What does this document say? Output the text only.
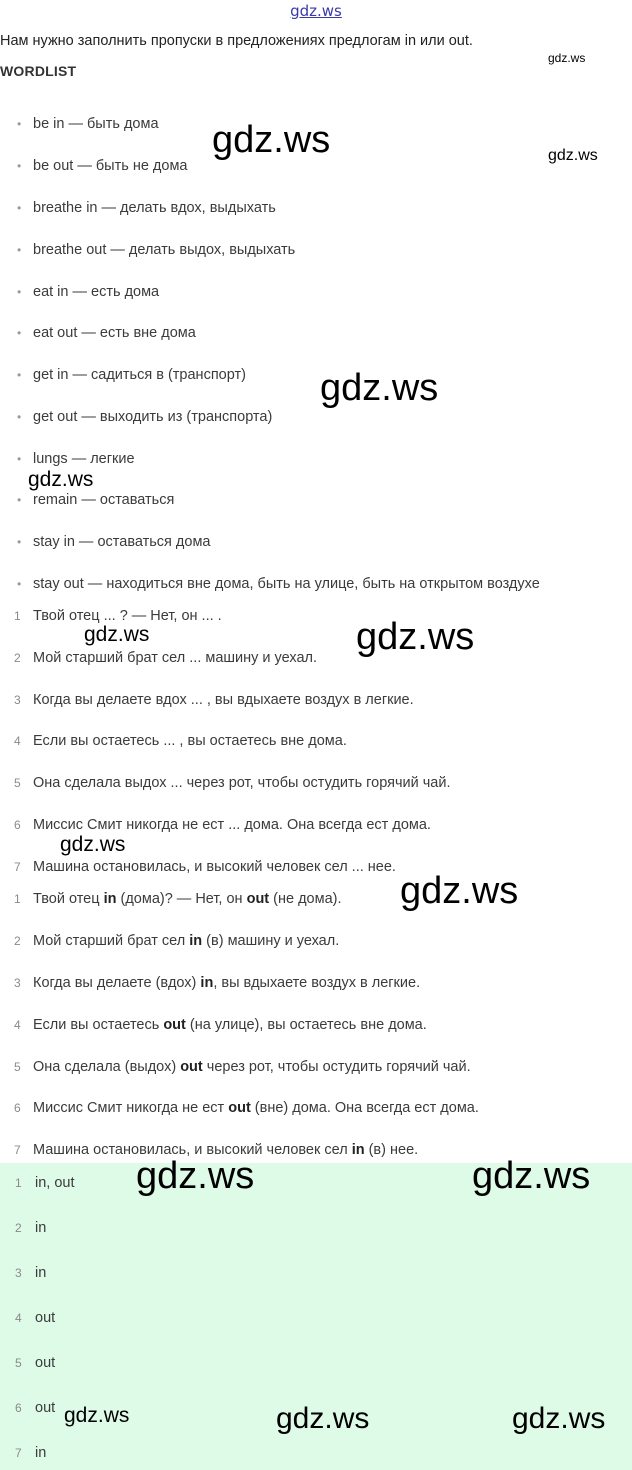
gdz.ws
Нам нужно заполнить пропуски в предложениях предлогам in или out.
WORDLIST
• be in — быть дома
• be out — быть не дома
• breathe in — делать вдох, выдыхать
• breathe out — делать выдох, выдыхать
• eat in — есть дома
• eat out — есть вне дома
• get in — садиться в (транспорт)
• get out — выходить из (транспорта)
• lungs — легкие
• remain — оставаться
• stay in — оставаться дома
• stay out — находиться вне дома, быть на улице, быть на открытом воздухе
1 Твой отец ... ? — Нет, он ... .
2 Мой старший брат сел ... машину и уехал.
3 Когда вы делаете вдох ... , вы вдыхаете воздух в легкие.
4 Если вы остаетесь ... , вы остаетесь вне дома.
5 Она сделала выдох ... через рот, чтобы остудить горячий чай.
6 Миссис Смит никогда не ест ... дома. Она всегда ест дома.
7 Машина остановилась, и высокий человек сел ... нее.
1 Твой отец in (дома)? — Нет, он out (не дома).
2 Мой старший брат сел in (в) машину и уехал.
3 Когда вы делаете (вдох) in, вы вдыхаете воздух в легкие.
4 Если вы остаетесь out (на улице), вы остаетесь вне дома.
5 Она сделала (выдох) out через рот, чтобы остудить горячий чай.
6 Миссис Смит никогда не ест out (вне) дома. Она всегда ест дома.
7 Машина остановилась, и высокий человек сел in (в) нее.
1 in, out
2 in
3 in
4 out
5 out
6 out
7 in
gdz.ws	gdz.ws
gdz.ws
gdz.ws
gdz.ws
gdz.ws
gdz.ws
gdz.ws
gdz.ws
gdz.ws	gdz.ws
gdz.ws	gdz.ws	gdz.ws
